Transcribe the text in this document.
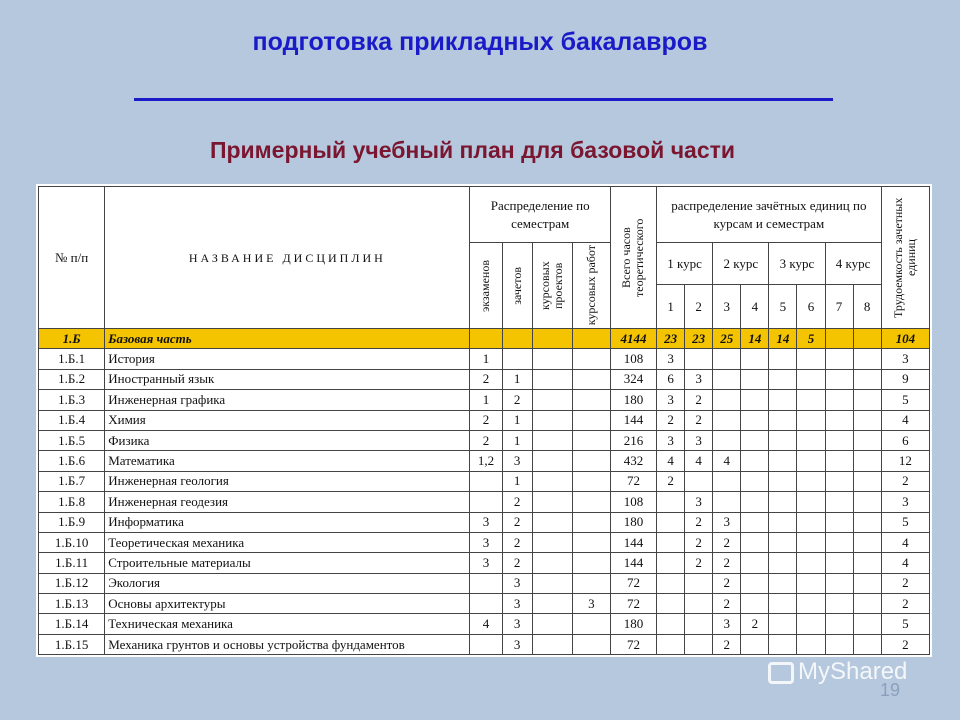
подготовка прикладных бакалавров
Примерный учебный план для базовой части
№ п/п	НАЗВАНИЕ ДИСЦИПЛИН	Распределение по семестрам				Всего часов теоретического	распределение зачётных единиц по курсам и семестрам								Трудоемкость зачетных единиц

		экзаменов	зачетов	курсовых проектов	курсовых работ		1 курс		2 курс		3 курс		4 курс		
							1	2	3	4	5	6	7	8	
1.Б	Базовая часть					4144	23	23	25	14	14	5			104
1.Б.1	История	1				108	3								3
1.Б.2	Иностранный язык	2	1			324	6	3							9
1.Б.3	Инженерная графика	1	2			180	3	2							5
1.Б.4	Химия	2	1			144	2	2							4
1.Б.5	Физика	2	1			216	3	3							6
1.Б.6	Математика	1,2	3			432	4	4	4						12
1.Б.7	Инженерная геология		1			72	2								2
1.Б.8	Инженерная геодезия		2			108		3							3
1.Б.9	Информатика	3	2			180		2	3						5
1.Б.10	Теоретическая механика	3	2			144		2	2						4
1.Б.11	Строительные материалы	3	2			144		2	2						4
1.Б.12	Экология		3			72			2						2
1.Б.13	Основы архитектуры		3		3	72			2						2
1.Б.14	Техническая механика	4	3			180			3	2					5
1.Б.15	Механика грунтов и основы устройства фундаментов		3			72			2						2
MyShared
19
